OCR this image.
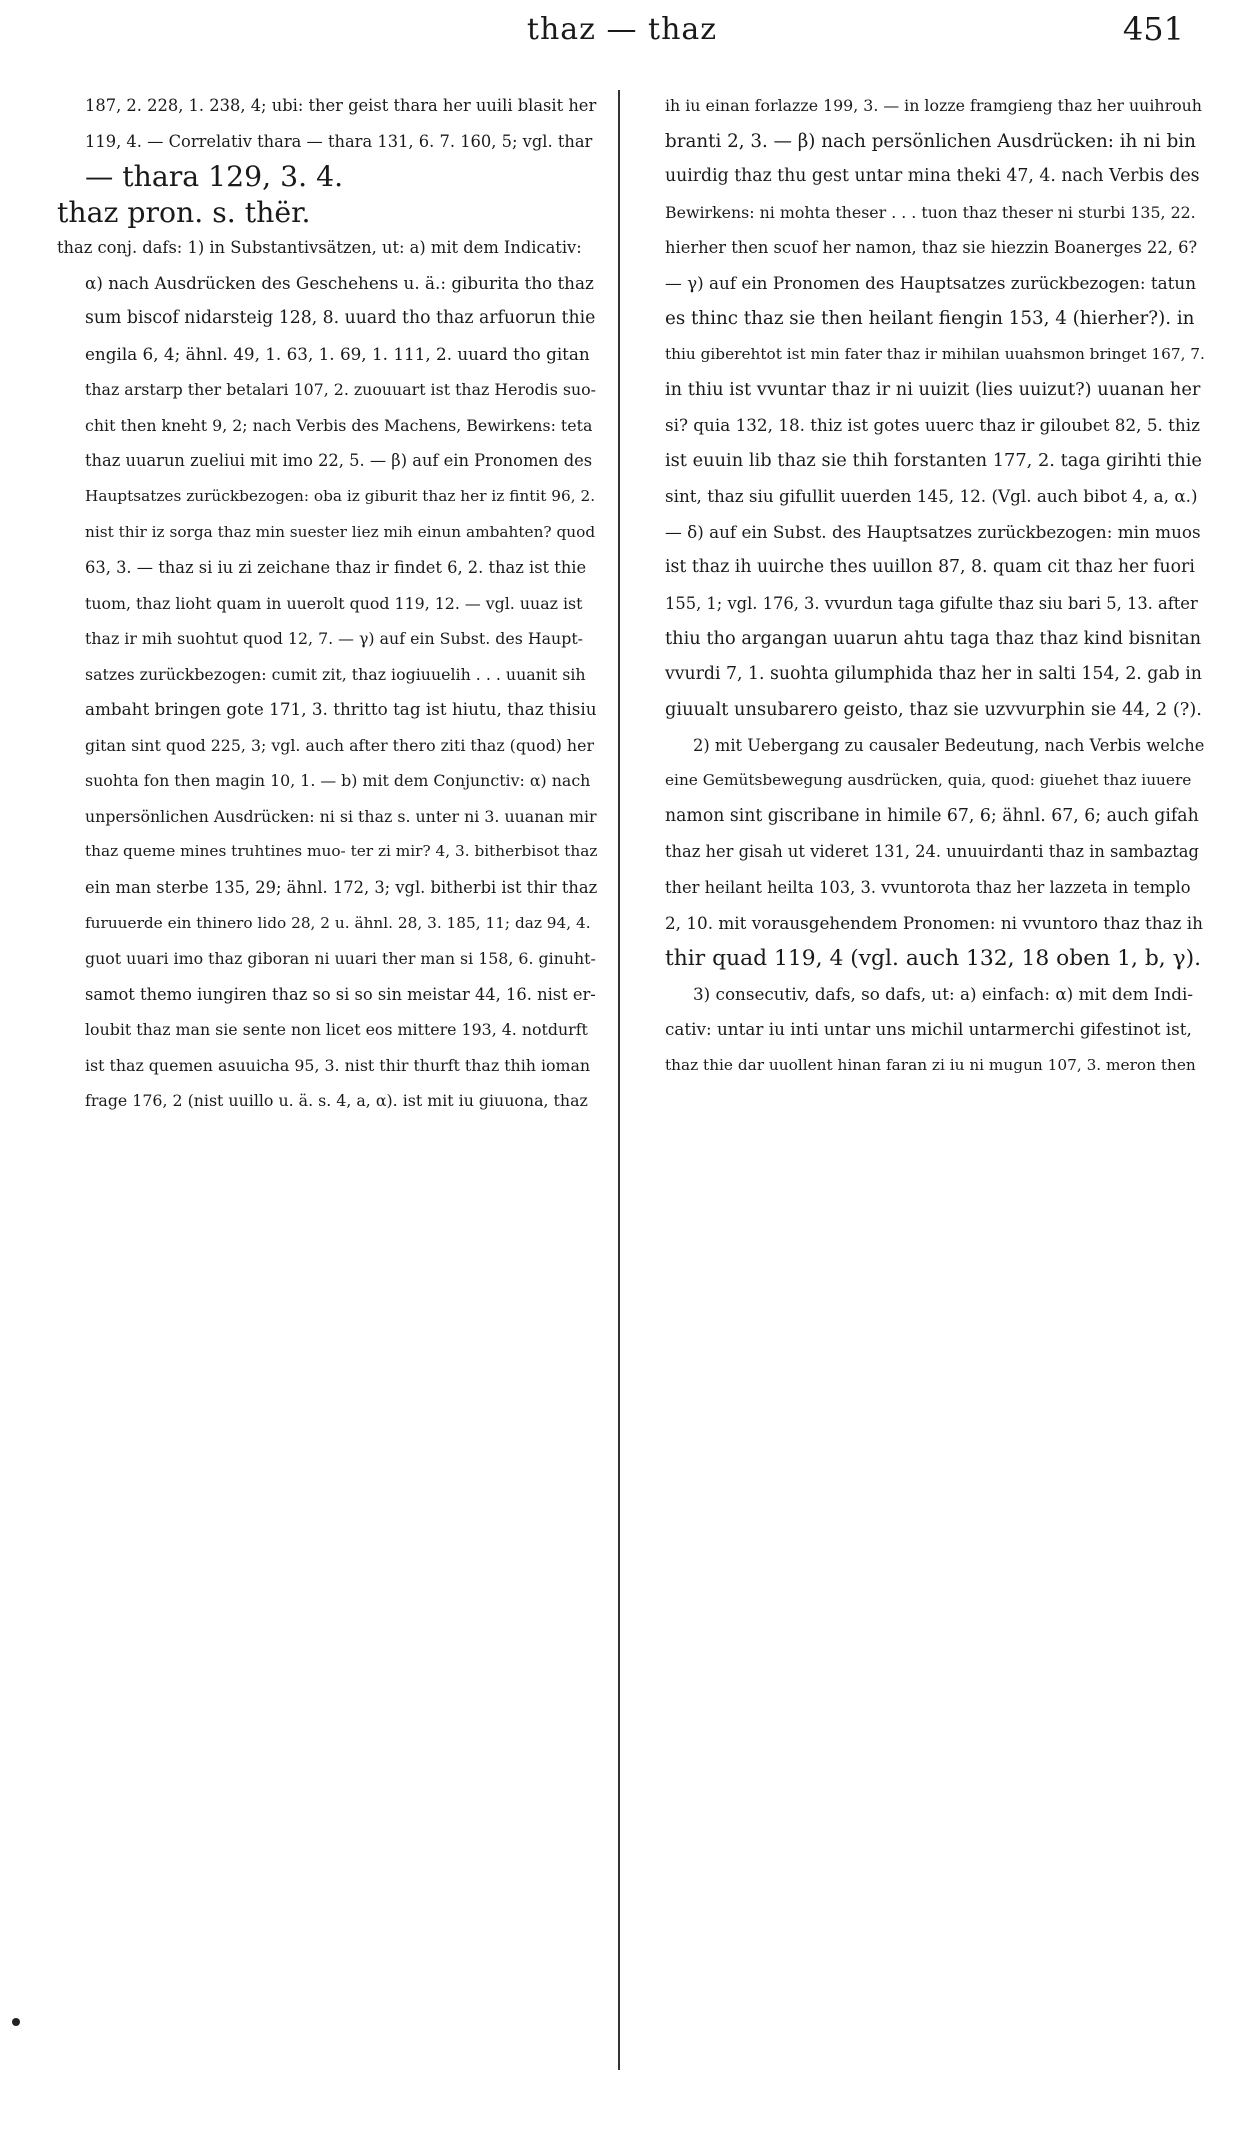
thaz — thaz	451
187, 2. 228, 1. 238, 4; ubi: ther geist thara her uuili blasit her
119, 4. — Correlativ thara — thara 131, 6. 7. 160, 5; vgl. thar
— thara 129, 3. 4.
thaz pron. s. thër.
thaz conj. dafs: 1) in Substantivsätzen, ut: a) mit dem Indicativ:
α) nach Ausdrücken des Geschehens u. ä.: giburita tho thaz
sum biscof nidarsteig 128, 8. uuard tho thaz arfuorun thie
engila 6, 4; ähnl. 49, 1. 63, 1. 69, 1. 111, 2. uuard tho gitan
thaz arstarp ther betalari 107, 2. zuouuart ist thaz Herodis suo-
chit then kneht 9, 2; nach Verbis des Machens, Bewirkens: teta
thaz uuarun zueliui mit imo 22, 5. — β) auf ein Pronomen des
Hauptsatzes zurückbezogen: oba iz giburit thaz her iz fintit 96, 2.
nist thir iz sorga thaz min suester liez mih einun ambahten? quod
63, 3. — thaz si iu zi zeichane thaz ir findet 6, 2. thaz ist thie
tuom, thaz lioht quam in uuerolt quod 119, 12. — vgl. uuaz ist
thaz ir mih suohtut quod 12, 7. — γ) auf ein Subst. des Haupt-
satzes zurückbezogen: cumit zit, thaz iogiuuelih . . . uuanit sih
ambaht bringen gote 171, 3. thritto tag ist hiutu, thaz thisiu
gitan sint quod 225, 3; vgl. auch after thero ziti thaz (quod) her
suohta fon then magin 10, 1. — b) mit dem Conjunctiv: α) nach
unpersönlichen Ausdrücken: ni si thaz s. unter ni 3. uuanan mir
thaz queme mines truhtines muo- ter zi mir? 4, 3. bitherbisot thaz
ein man sterbe 135, 29; ähnl. 172, 3; vgl. bitherbi ist thir thaz
furuuerde ein thinero lido 28, 2 u. ähnl. 28, 3. 185, 11; daz 94, 4.
guot uuari imo thaz giboran ni uuari ther man si 158, 6. ginuht-
samot themo iungiren thaz so si so sin meistar 44, 16. nist er-
loubit thaz man sie sente non licet eos mittere 193, 4. notdurft
ist thaz quemen asuuicha 95, 3. nist thir thurft thaz thih ioman
frage 176, 2 (nist uuillo u. ä. s. 4, a, α). ist mit iu giuuona, thaz
ih iu einan forlazze 199, 3. — in lozze framgieng thaz her uuihrouh
branti 2, 3. — β) nach persönlichen Ausdrücken: ih ni bin
uuirdig thaz thu gest untar mina theki 47, 4. nach Verbis des
Bewirkens: ni mohta theser . . . tuon thaz theser ni sturbi 135, 22.
hierher then scuof her namon, thaz sie hiezzin Boanerges 22, 6?
— γ) auf ein Pronomen des Hauptsatzes zurückbezogen: tatun
es thinc thaz sie then heilant fiengin 153, 4 (hierher?). in
thiu giberehtot ist min fater thaz ir mihilan uuahsmon bringet 167, 7.
in thiu ist vvuntar thaz ir ni uuizit (lies uuizut?) uuanan her
si? quia 132, 18. thiz ist gotes uuerc thaz ir giloubet 82, 5. thiz
ist euuin lib thaz sie thih forstanten 177, 2. taga girihti thie
sint, thaz siu gifullit uuerden 145, 12. (Vgl. auch bibot 4, a, α.)
— δ) auf ein Subst. des Hauptsatzes zurückbezogen: min muos
ist thaz ih uuirche thes uuillon 87, 8. quam cit thaz her fuori
155, 1; vgl. 176, 3. vvurdun taga gifulte thaz siu bari 5, 13. after
thiu tho argangan uuarun ahtu taga thaz thaz kind bisnitan
vvurdi 7, 1. suohta gilumphida thaz her in salti 154, 2. gab in
giuualt unsubarero geisto, thaz sie uzvvurphin sie 44, 2 (?).
2) mit Uebergang zu causaler Bedeutung, nach Verbis welche
eine Gemütsbewegung ausdrücken, quia, quod: giuehet thaz iuuere
namon sint giscribane in himile 67, 6; ähnl. 67, 6; auch gifah
thaz her gisah ut videret 131, 24. unuuirdanti thaz in sambaztag
ther heilant heilta 103, 3. vvuntorota thaz her lazzeta in templo
2, 10. mit vorausgehendem Pronomen: ni vvuntoro thaz thaz ih
thir quad 119, 4 (vgl. auch 132, 18 oben 1, b, γ).
3) consecutiv, dafs, so dafs, ut: a) einfach: α) mit dem Indi-
cativ: untar iu inti untar uns michil untarmerchi gifestinot ist,
thaz thie dar uuollent hinan faran zi iu ni mugun 107, 3. meron then
